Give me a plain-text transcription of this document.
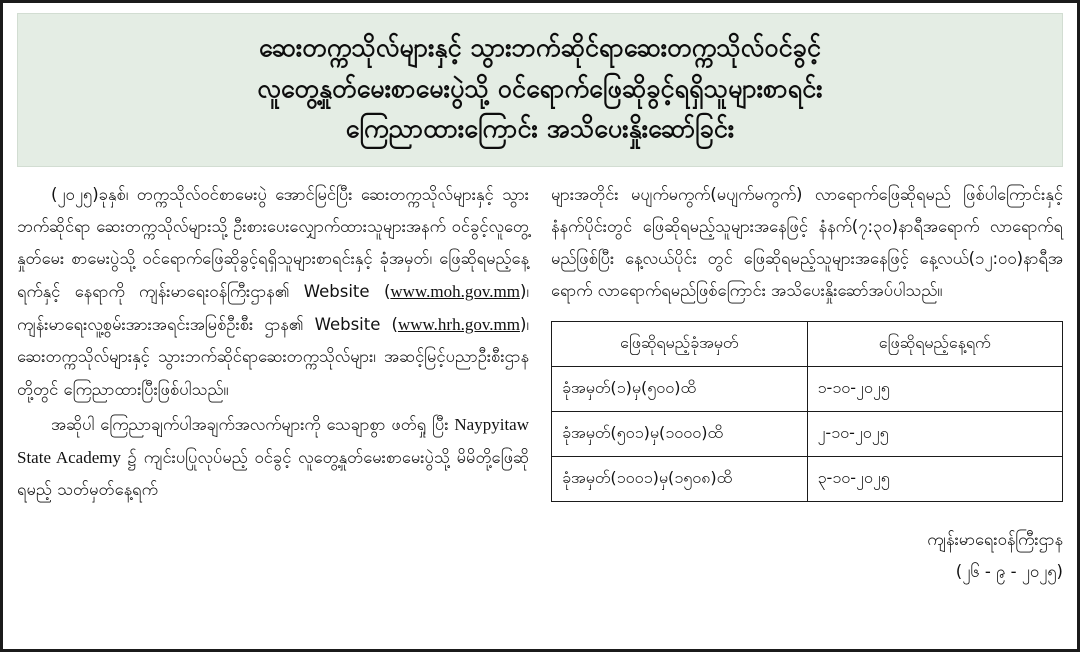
ဆေးတက္ကသိုလ်များနှင့် သွားဘက်ဆိုင်ရာဆေးတက္ကသိုလ်ဝင်ခွင့်
လူတွေ့နှုတ်မေးစာမေးပွဲသို့ ဝင်ရောက်ဖြေဆိုခွင့်ရရှိသူများစာရင်း
ကြေညာထားကြောင်း အသိပေးနှိုးဆော်ခြင်း

(၂၀၂၅)ခုနှစ်၊ တက္ကသိုလ်ဝင်စာမေးပွဲ အောင်မြင်ပြီး ဆေးတက္ကသိုလ်များနှင့် သွားဘက်ဆိုင်ရာ ဆေးတက္ကသိုလ်များသို့ ဦးစားပေးလျှောက်ထားသူများအနက် ဝင်ခွင့်လူတွေ့နှုတ်မေး စာမေးပွဲသို့ ဝင်ရောက်ဖြေဆိုခွင့်ရရှိသူများစာရင်းနှင့် ခုံအမှတ်၊ ဖြေဆိုရမည့်နေ့ရက်နှင့် နေရာကို ကျန်းမာရေးဝန်ကြီးဌာန၏ Website (www.moh.gov.mm)၊ ကျန်းမာရေးလူ့စွမ်းအားအရင်းအမြစ်ဦးစီး ဌာန၏ Website (www.hrh.gov.mm)၊ ဆေးတက္ကသိုလ်များနှင့် သွားဘက်ဆိုင်ရာဆေးတက္ကသိုလ်များ၊ အဆင့်မြင့်ပညာဦးစီးဌာန တို့တွင် ကြေညာထားပြီးဖြစ်ပါသည်။

အဆိုပါ ကြေညာချက်ပါအချက်အလက်များကို သေချာစွာ ဖတ်ရှု ပြီး Naypyitaw State Academy ၌ ကျင်းပပြုလုပ်မည့် ဝင်ခွင့် လူတွေ့နှုတ်မေးစာမေးပွဲသို့ မိမိတို့ဖြေဆိုရမည့် သတ်မှတ်နေ့ရက်

များအတိုင်း မပျက်မကွက်(မပျက်မကွက်) လာရောက်ဖြေဆိုရမည် ဖြစ်ပါကြောင်းနှင့် နံနက်ပိုင်းတွင် ဖြေဆိုရမည့်သူများအနေဖြင့် နံနက်(၇:၃၀)နာရီအရောက် လာရောက်ရမည်ဖြစ်ပြီး နေ့လယ်ပိုင်း တွင် ဖြေဆိုရမည့်သူများအနေဖြင့် နေ့လယ်(၁၂:၀၀)နာရီအရောက် လာရောက်ရမည်ဖြစ်ကြောင်း အသိပေးနှိုးဆော်အပ်ပါသည်။

ဖြေဆိုရမည့်ခုံအမှတ်	ဖြေဆိုရမည့်နေ့ရက်
ခုံအမှတ်(၁)မှ(၅၀၀)ထိ	၁-၁၀-၂၀၂၅
ခုံအမှတ်(၅၀၁)မှ(၁၀၀၀)ထိ	၂-၁၀-၂၀၂၅
ခုံအမှတ်(၁၀၀၁)မှ(၁၅၀၈)ထိ	၃-၁၀-၂၀၂၅
ကျန်းမာရေးဝန်ကြီးဌာန
(၂၆ - ၉ - ၂၀၂၅)
